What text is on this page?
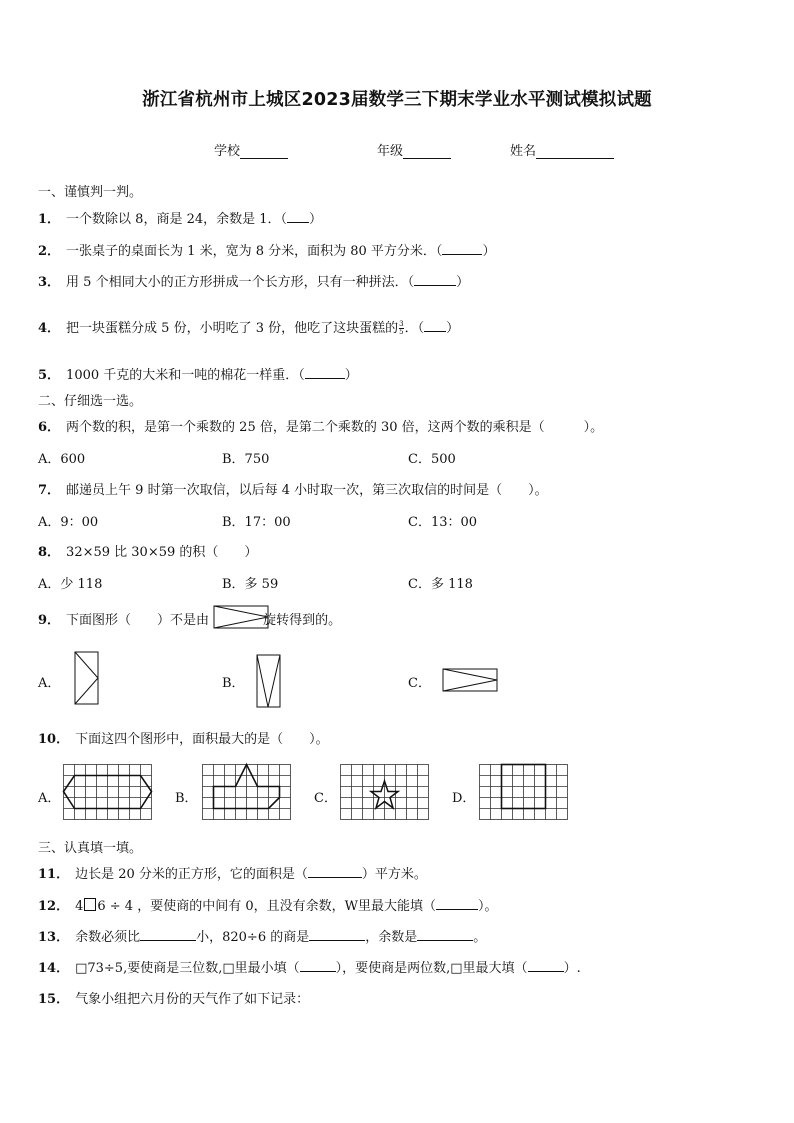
浙江省杭州市上城区2023届数学三下期末学业水平测试模拟试题
学校	年级	姓名
一、谨慎判一判。
1． 一个数除以 8，商是 24，余数是 1．（ ）
2． 一张桌子的桌面长为 1 米，宽为 8 分米，面积为 80 平方分米．（	）
3． 用 5 个相同大小的正方形拼成一个长方形，只有一种拼法．（	）
4． 把一块蛋糕分成 5 份，小明吃了 3 份，他吃了这块蛋糕的 $\frac{3}{5}$ ．（ ）
5． 1000 千克的大米和一吨的棉花一样重．（	）
二、仔细选一选。
6． 两个数的积，是第一个乘数的 25 倍，是第二个乘数的 30 倍，这两个数的乘积是（　　　）。
A．600	B．750	C．500
7． 邮递员上午 9 时第一次取信，以后每 4 小时取一次，第三次取信的时间是（　　）。
A．9：00	B．17：00	C．13：00
8． 32×59 比 30×59 的积（　　）
A．少 118	B．多 59	C．多 118
9． 下面图形（　　）不是由	旋转得到的。
A．	B．	C．
10． 下面这四个图形中，面积最大的是（　　）。
A．	B．	C．	D．
三、认真填一填。
11． 边长是 20 分米的正方形，它的面积是（	）平方米。
12． 4 6 ÷ 4 ，要使商的中间有 0，且没有余数，W里最大能填（	）。
13． 余数必须比	小，820÷6 的商是	，余数是	。
14． □73÷5,要使商是三位数,□里最小填（	），要使商是两位数,□里最大填（	）.
15． 气象小组把六月份的天气作了如下记录：
